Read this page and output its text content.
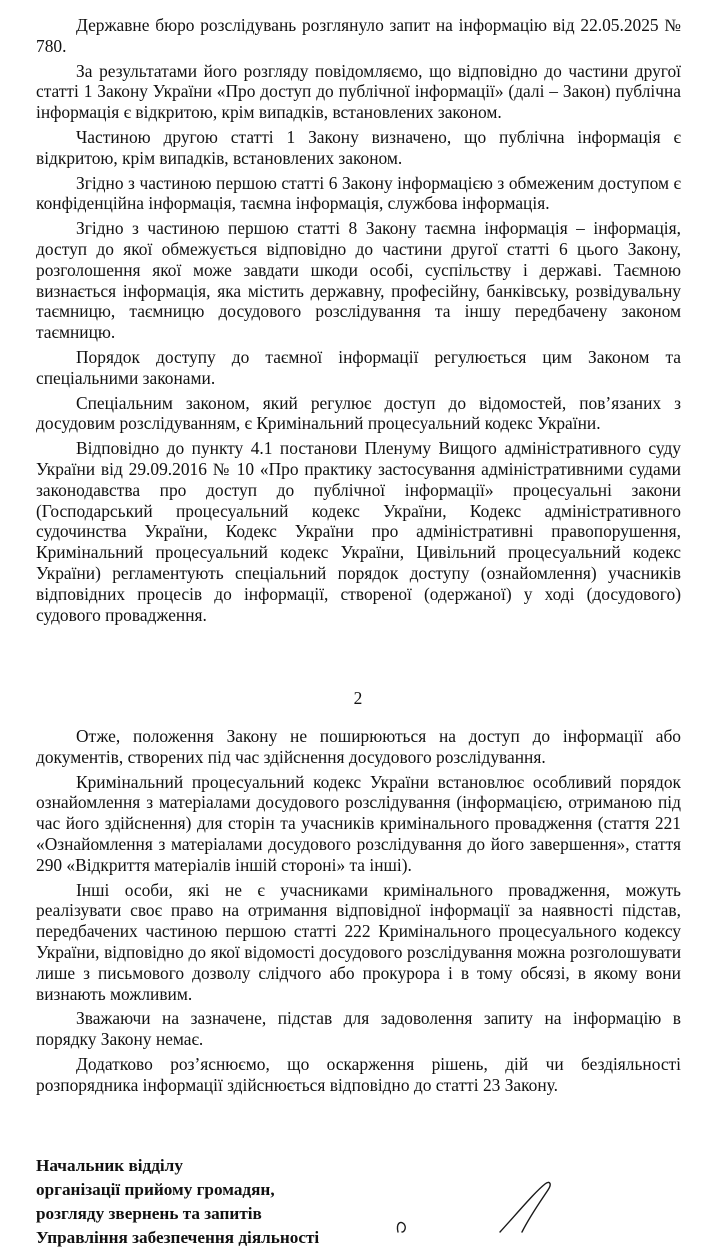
Державне бюро розслідувань розглянуло запит на інформацію від 22.05.2025 № 780.

За результатами його розгляду повідомляємо, що відповідно до частини другої статті 1 Закону України «Про доступ до публічної інформації» (далі – Закон) публічна інформація є відкритою, крім випадків, встановлених законом.

Частиною другою статті 1 Закону визначено, що публічна інформація є відкритою, крім випадків, встановлених законом.

Згідно з частиною першою статті 6 Закону інформацією з обмеженим доступом є конфіденційна інформація, таємна інформація, службова інформація.

Згідно з частиною першою статті 8 Закону таємна інформація – інформація, доступ до якої обмежується відповідно до частини другої статті 6 цього Закону, розголошення якої може завдати шкоди особі, суспільству і державі. Таємною визнається інформація, яка містить державну, професійну, банківську, розвідувальну таємницю, таємницю досудового розслідування та іншу передбачену законом таємницю.

Порядок доступу до таємної інформації регулюється цим Законом та спеціальними законами.

Спеціальним законом, який регулює доступ до відомостей, пов’язаних з досудовим розслідуванням, є Кримінальний процесуальний кодекс України.

Відповідно до пункту 4.1 постанови Пленуму Вищого адміністративного суду України від 29.09.2016 № 10 «Про практику застосування адміністративними судами законодавства про доступ до публічної інформації» процесуальні закони (Господарський процесуальний кодекс України, Кодекс адміністративного судочинства України, Кодекс України про адміністративні правопорушення, Кримінальний процесуальний кодекс України, Цивільний процесуальний кодекс України) регламентують спеціальний порядок доступу (ознайомлення) учасників відповідних процесів до інформації, створеної (одержаної) у ході (досудового) судового провадження.

2

Отже, положення Закону не поширюються на доступ до інформації або документів, створених під час здійснення досудового розслідування.

Кримінальний процесуальний кодекс України встановлює особливий порядок ознайомлення з матеріалами досудового розслідування (інформацією, отриманою під час його здійснення) для сторін та учасників кримінального провадження (стаття 221 «Ознайомлення з матеріалами досудового розслідування до його завершення», стаття 290 «Відкриття матеріалів іншій стороні» та інші).

Інші особи, які не є учасниками кримінального провадження, можуть реалізувати своє право на отримання відповідної інформації за наявності підстав, передбачених частиною першою статті 222 Кримінального процесуального кодексу України, відповідно до якої відомості досудового розслідування можна розголошувати лише з письмового дозволу слідчого або прокурора і в тому обсязі, в якому вони визнають можливим.

Зважаючи на зазначене, підстав для задоволення запиту на інформацію в порядку Закону немає.

Додатково роз’яснюємо, що оскарження рішень, дій чи бездіяльності розпорядника інформації здійснюється відповідно до статті 23 Закону.

Начальник відділу

організації прийому громадян,

розгляду звернень та запитів

Управління забезпечення діяльності
